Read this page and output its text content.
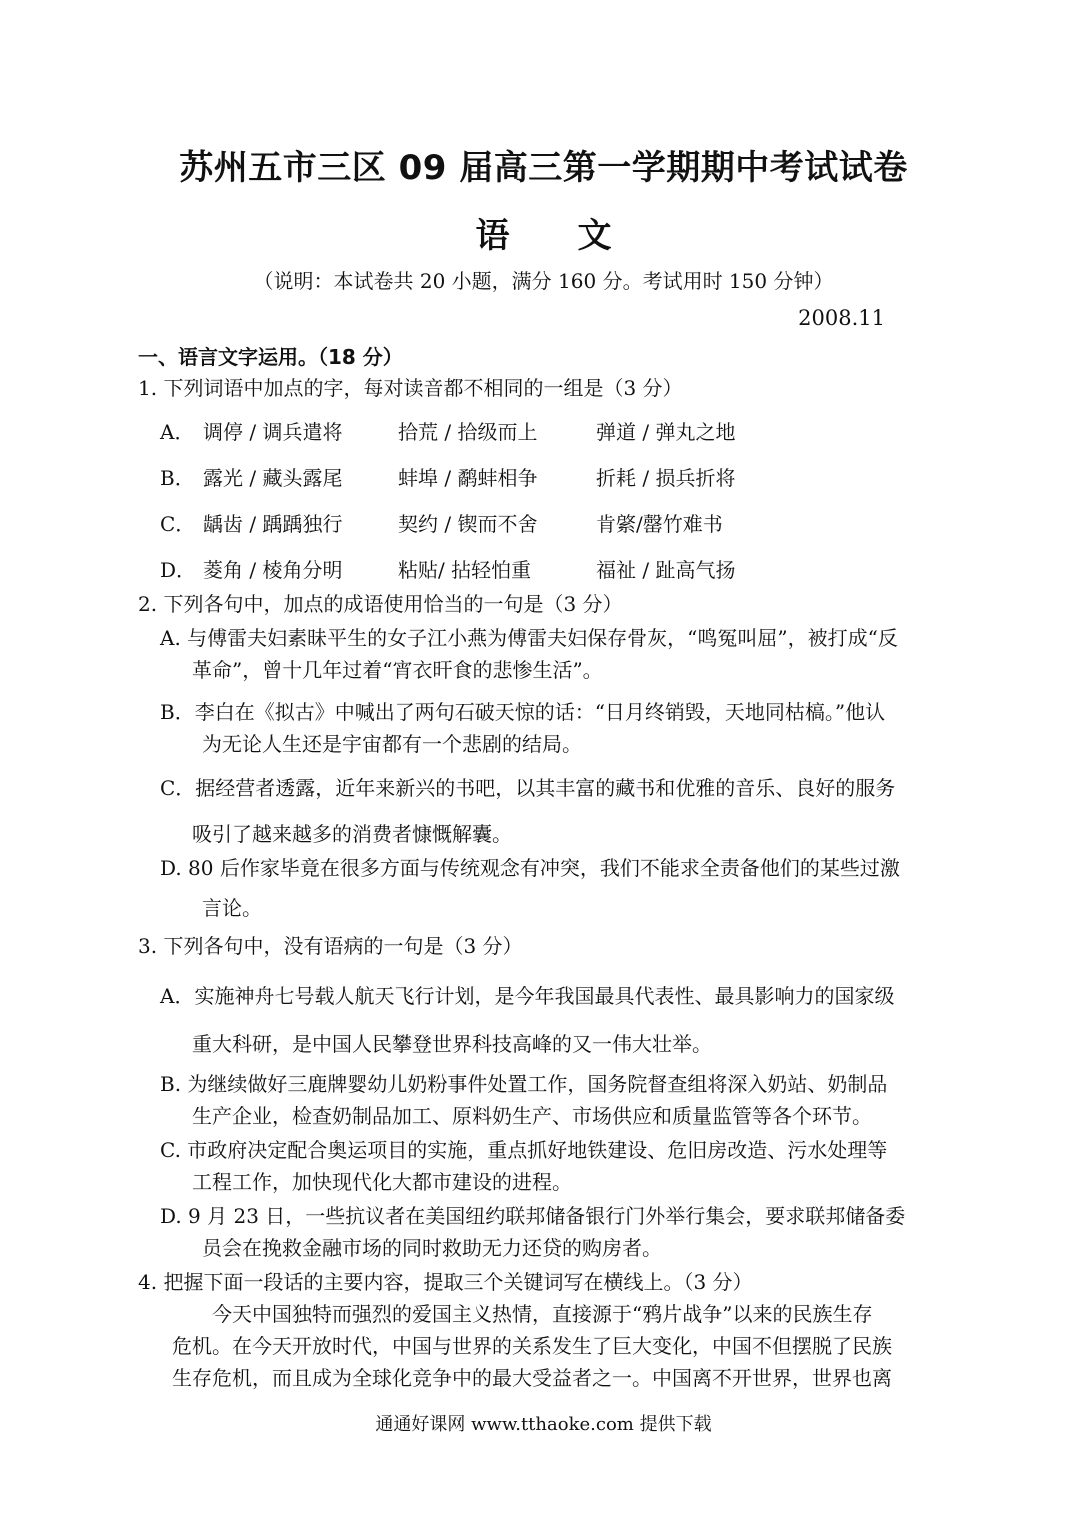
苏州五市三区 09 届高三第一学期期中考试试卷
语　　文
（说明：本试卷共 20 小题，满分 160 分。考试用时 150 分钟）
2008.11
一、语言文字运用。（18 分）
1. 下列词语中加点的字，每对读音都不相同的一组是（3 分）
A． 调停 / 调兵遣将	拾荒 / 拾级而上	弹道 / 弹丸之地
B． 露光 / 藏头露尾	蚌埠 / 鹬蚌相争	折耗 / 损兵折将
C． 龋齿 / 踽踽独行	契约 / 锲而不舍	肯綮/罄竹难书
D． 菱角 / 棱角分明	粘贴/ 拈轻怕重	福祉 / 趾高气扬
2. 下列各句中，加点的成语使用恰当的一句是（3 分）
A. 与傅雷夫妇素昧平生的女子江小燕为傅雷夫妇保存骨灰，“鸣冤叫屈”，被打成“反
革命”，曾十几年过着“宵衣旰食的悲惨生活”。
B．李白在《拟古》中喊出了两句石破天惊的话：“日月终销毁，天地同枯槁。”他认
为无论人生还是宇宙都有一个悲剧的结局。
C．据经营者透露，近年来新兴的书吧，以其丰富的藏书和优雅的音乐、良好的服务
吸引了越来越多的消费者慷慨解囊。
D. 80 后作家毕竟在很多方面与传统观念有冲突，我们不能求全责备他们的某些过激
言论。
3. 下列各句中，没有语病的一句是（3 分）
A．实施神舟七号载人航天飞行计划，是今年我国最具代表性、最具影响力的国家级
重大科研，是中国人民攀登世界科技高峰的又一伟大壮举。
B. 为继续做好三鹿牌婴幼儿奶粉事件处置工作，国务院督查组将深入奶站、奶制品
生产企业，检查奶制品加工、原料奶生产、市场供应和质量监管等各个环节。
C. 市政府决定配合奥运项目的实施，重点抓好地铁建设、危旧房改造、污水处理等
工程工作，加快现代化大都市建设的进程。
D. 9 月 23 日，一些抗议者在美国纽约联邦储备银行门外举行集会，要求联邦储备委
员会在挽救金融市场的同时救助无力还贷的购房者。
4. 把握下面一段话的主要内容，提取三个关键词写在横线上。（3 分）
今天中国独特而强烈的爱国主义热情，直接源于“鸦片战争”以来的民族生存
危机。在今天开放时代，中国与世界的关系发生了巨大变化，中国不但摆脱了民族
生存危机，而且成为全球化竞争中的最大受益者之一。中国离不开世界，世界也离
通通好课网 www.tthaoke.com 提供下载
